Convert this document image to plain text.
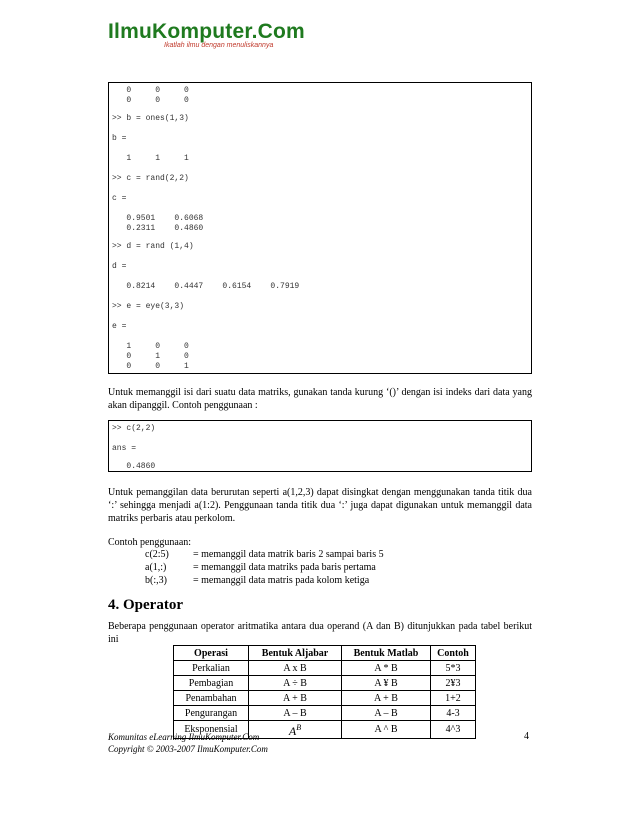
IlmuKomputer.Com
Ikatlah ilmu dengan menuliskannya
0     0     0
0     0     0
>> b = ones(1,3)
b =
1     1     1
>> c = rand(2,2)
c =
0.9501    0.6068
0.2311    0.4860
>> d = rand (1,4)
d =
0.8214    0.4447    0.6154    0.7919
>> e = eye(3,3)
e =
1     0     0
0     1     0
0     0     1
Untuk memanggil isi dari suatu data matriks, gunakan tanda kurung ‘()’ dengan isi indeks dari data yang akan dipanggil. Contoh penggunaan :
>> c(2,2)
ans =
0.4860
Untuk pemanggilan data berurutan seperti a(1,2,3) dapat disingkat dengan menggunakan tanda titik dua ‘:’ sehingga menjadi a(1:2). Penggunaan tanda titik dua ‘:’ juga dapat digunakan untuk memanggil data matriks perbaris atau perkolom.
Contoh penggunaan:
c(2:5) = memanggil data matrik baris 2 sampai baris 5
a(1,:)	= memanggil data matriks pada baris pertama
b(:,3)	= memanggil data matris pada kolom ketiga
4. Operator
Beberapa penggunaan operator aritmatika antara dua operand (A dan B) ditunjukkan pada tabel berikut ini
Operasi	Bentuk Aljabar	Bentuk Matlab	Contoh
Perkalian	A x B	A * B	5*3
Pembagian	A ÷ B	A ¥ B	2¥3
Penambahan	A + B	A + B	1+2
Pengurangan	A – B	A – B	4-3
Eksponensial	$A^B$	A ^ B	4^3
Komunitas eLearning IlmuKomputer.Com
Copyright © 2003-2007 IlmuKomputer.Com
4
